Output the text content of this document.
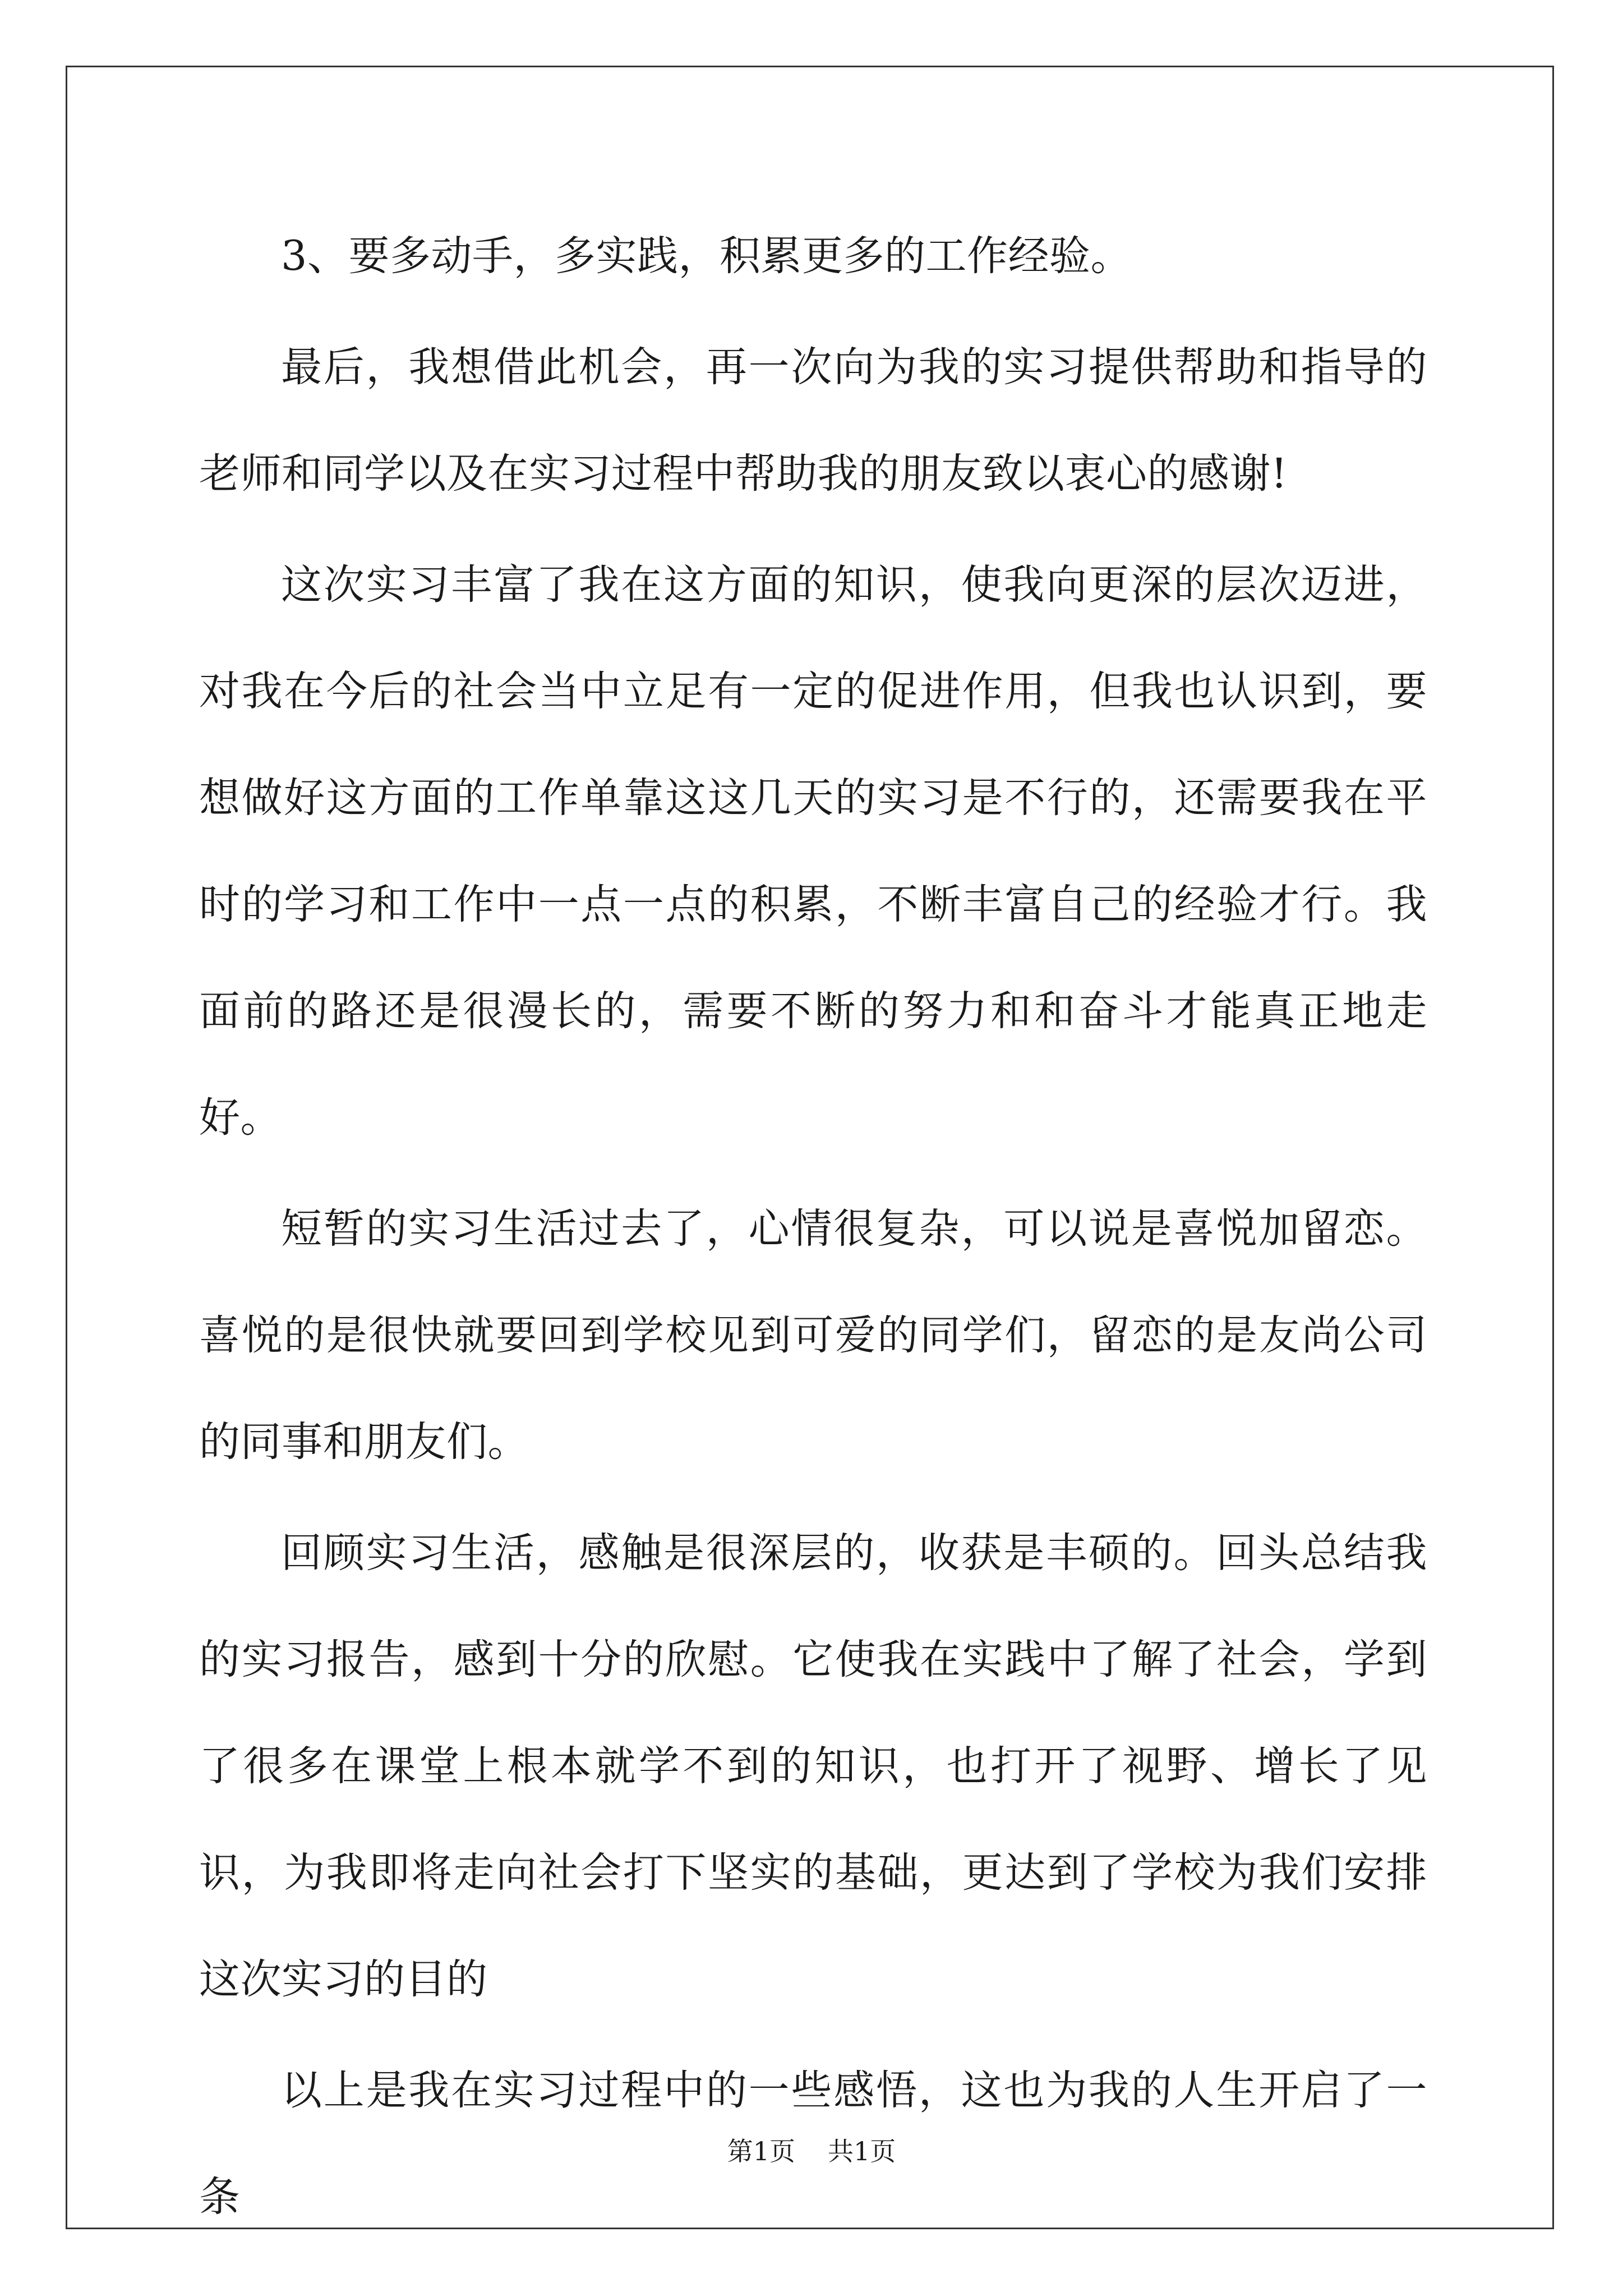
3、要多动手，多实践，积累更多的工作经验。

最后，我想借此机会，再一次向为我的实习提供帮助和指导的老师和同学以及在实习过程中帮助我的朋友致以衷心的感谢!

这次实习丰富了我在这方面的知识，使我向更深的层次迈进，对我在今后的社会当中立足有一定的促进作用，但我也认识到，要想做好这方面的工作单靠这这几天的实习是不行的，还需要我在平时的学习和工作中一点一点的积累，不断丰富自己的经验才行。我面前的路还是很漫长的，需要不断的努力和和奋斗才能真正地走好。

短暂的实习生活过去了，心情很复杂，可以说是喜悦加留恋。喜悦的是很快就要回到学校见到可爱的同学们，留恋的是友尚公司的同事和朋友们。

回顾实习生活，感触是很深层的，收获是丰硕的。回头总结我的实习报告，感到十分的欣慰。它使我在实践中了解了社会，学到了很多在课堂上根本就学不到的知识，也打开了视野、增长了见识，为我即将走向社会打下坚实的基础，更达到了学校为我们安排这次实习的目的

以上是我在实习过程中的一些感悟，这也为我的人生开启了一条

第1页 共1页
